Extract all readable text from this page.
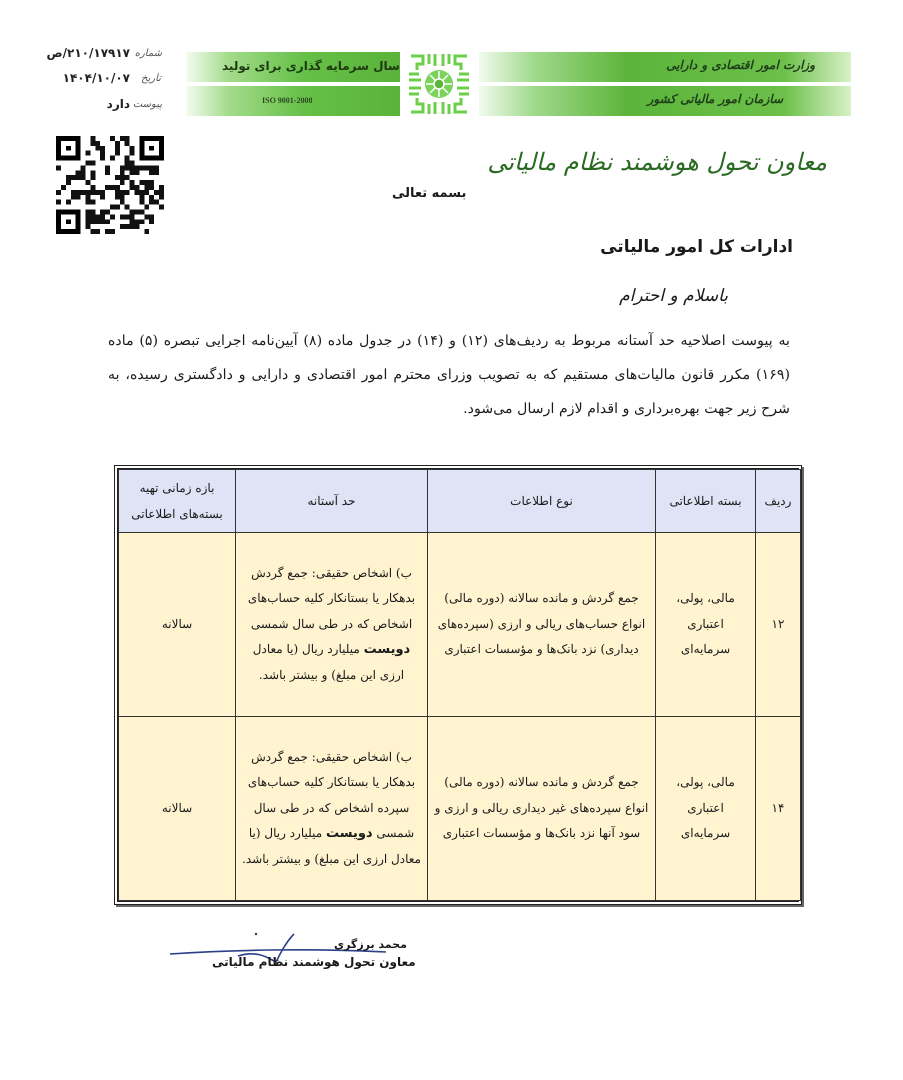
شماره
۲۱۰/۱۷۹۱۷/ص
تاریخ
۱۴۰۴/۱۰/۰۷
پیوست
دارد
سال سرمایه گذاری برای تولید
ISO 9001-2008
وزارت امور اقتصادی و دارایی
سازمان امور مالیاتی کشور
معاون تحول هوشمند نظام مالیاتی
بسمه تعالی
ادارات کل امور مالیاتی
باسلام و احترام
به پیوست اصلاحیه حد آستانه مربوط به ردیف‌های (۱۲) و (۱۴) در جدول ماده (۸) آیین‌نامه اجرایی تبصره (۵) ماده (۱۶۹) مکرر قانون مالیات‌های مستقیم که به تصویب وزرای محترم امور اقتصادی و دارایی و دادگستری رسیده، به شرح زیر جهت بهره‌برداری و اقدام لازم ارسال می‌شود.
ردیف	بسته اطلاعاتی	نوع اطلاعات	حد آستانه	بازه زمانی تهیه بسته‌های اطلاعاتی
۱۲	مالی، پولی، اعتباری سرمایه‌ای	جمع گردش و مانده سالانه (دوره مالی) انواع حساب‌های ریالی و ارزی (سپرده‌های دیداری) نزد بانک‌ها و مؤسسات اعتباری	ب) اشخاص حقیقی: جمع گردش بدهکار یا بستانکار کلیه حساب‌های اشخاص که در طی سال شمسی دویست میلیارد ریال (یا معادل ارزی این مبلغ) و بیشتر باشد.	سالانه
۱۴	مالی، پولی، اعتباری سرمایه‌ای	جمع گردش و مانده سالانه (دوره مالی) انواع سپرده‌های غیر دیداری ریالی و ارزی و سود آنها نزد بانک‌ها و مؤسسات اعتباری	ب) اشخاص حقیقی: جمع گردش بدهکار یا بستانکار کلیه حساب‌های سپرده اشخاص که در طی سال شمسی دویست میلیارد ریال (یا معادل ارزی این مبلغ) و بیشتر باشد.	سالانه
محمد برزگری
معاون تحول هوشمند نظام مالیاتی
